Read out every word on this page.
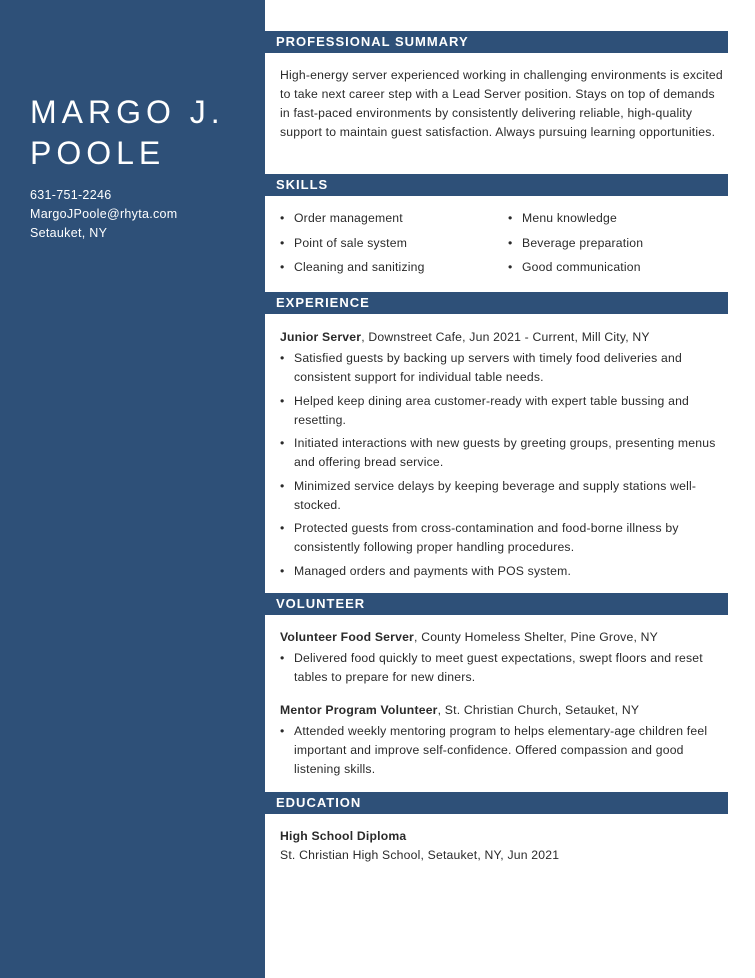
MARGO J.
POOLE
631-751-2246
MargoJPoole@rhyta.com
Setauket, NY
PROFESSIONAL SUMMARY

High-energy server experienced working in challenging environments is excited to take next career step with a Lead Server position. Stays on top of demands in fast-paced environments by consistently delivering reliable, high-quality support to maintain guest satisfaction. Always pursuing learning opportunities.

SKILLS
• Order management	• Menu knowledge
• Point of sale system	• Beverage preparation
• Cleaning and sanitizing	• Good communication
EXPERIENCE

Junior Server, Downstreet Cafe, Jun 2021 - Current, Mill City, NY

• Satisfied guests by backing up servers with timely food deliveries and consistent support for individual table needs.
• Helped keep dining area customer-ready with expert table bussing and resetting.
• Initiated interactions with new guests by greeting groups, presenting menus and offering bread service.
• Minimized service delays by keeping beverage and supply stations well-stocked.
• Protected guests from cross-contamination and food-borne illness by consistently following proper handling procedures.
• Managed orders and payments with POS system.
VOLUNTEER

Volunteer Food Server, County Homeless Shelter, Pine Grove, NY

• Delivered food quickly to meet guest expectations, swept floors and reset tables to prepare for new diners.

Mentor Program Volunteer, St. Christian Church, Setauket, NY

• Attended weekly mentoring program to helps elementary-age children feel important and improve self-confidence. Offered compassion and good listening skills.
EDUCATION

High School Diploma

St. Christian High School, Setauket, NY, Jun 2021
